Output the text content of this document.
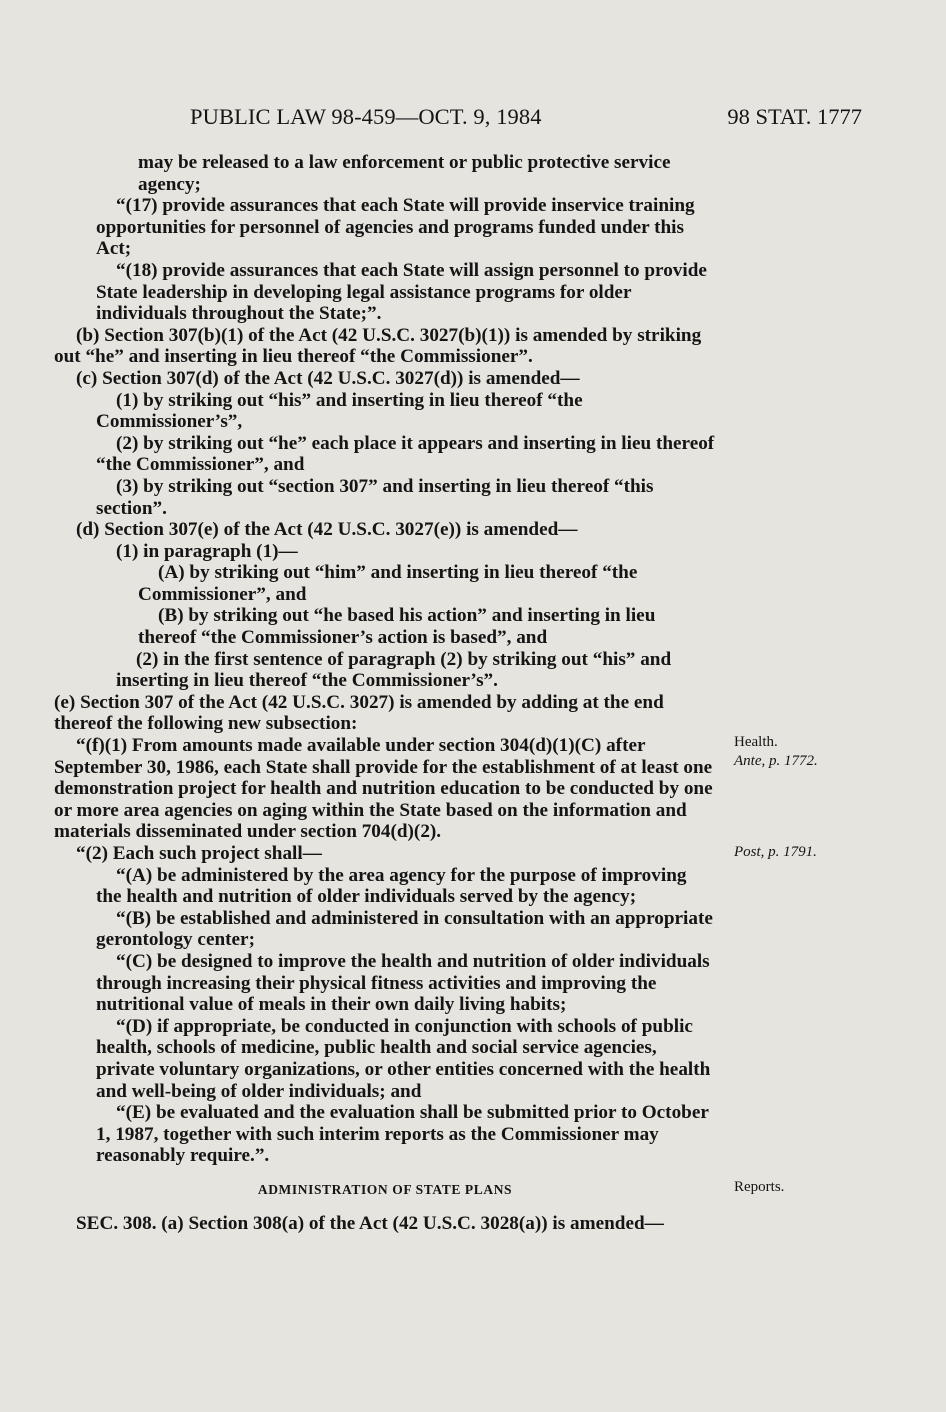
PUBLIC LAW 98-459—OCT. 9, 1984	98 STAT. 1777

may be released to a law enforcement or public protective service agency;

“(17) provide assurances that each State will provide inservice training opportunities for personnel of agencies and programs funded under this Act;

“(18) provide assurances that each State will assign personnel to provide State leadership in developing legal assistance programs for older individuals throughout the State;”.

(b) Section 307(b)(1) of the Act (42 U.S.C. 3027(b)(1)) is amended by striking out “he” and inserting in lieu thereof “the Commissioner”.

(c) Section 307(d) of the Act (42 U.S.C. 3027(d)) is amended—

(1) by striking out “his” and inserting in lieu thereof “the Commissioner’s”,

(2) by striking out “he” each place it appears and inserting in lieu thereof “the Commissioner”, and

(3) by striking out “section 307” and inserting in lieu thereof “this section”.

(d) Section 307(e) of the Act (42 U.S.C. 3027(e)) is amended—

(1) in paragraph (1)—

(A) by striking out “him” and inserting in lieu thereof “the Commissioner”, and

(B) by striking out “he based his action” and inserting in lieu thereof “the Commissioner’s action is based”, and

(2) in the first sentence of paragraph (2) by striking out “his” and inserting in lieu thereof “the Commissioner’s”.

(e) Section 307 of the Act (42 U.S.C. 3027) is amended by adding at the end thereof the following new subsection:

“(f)(1) From amounts made available under section 304(d)(1)(C) after September 30, 1986, each State shall provide for the establishment of at least one demonstration project for health and nutrition education to be conducted by one or more area agencies on aging within the State based on the information and materials disseminated under section 704(d)(2).

“(2) Each such project shall—

“(A) be administered by the area agency for the purpose of improving the health and nutrition of older individuals served by the agency;

“(B) be established and administered in consultation with an appropriate gerontology center;

“(C) be designed to improve the health and nutrition of older individuals through increasing their physical fitness activities and improving the nutritional value of meals in their own daily living habits;

“(D) if appropriate, be conducted in conjunction with schools of public health, schools of medicine, public health and social service agencies, private voluntary organizations, or other entities concerned with the health and well-being of older individuals; and

“(E) be evaluated and the evaluation shall be submitted prior to October 1, 1987, together with such interim reports as the Commissioner may reasonably require.”.

ADMINISTRATION OF STATE PLANS

SEC. 308. (a) Section 308(a) of the Act (42 U.S.C. 3028(a)) is amended—

Health.
Ante, p. 1772.
Post, p. 1791.
Reports.
